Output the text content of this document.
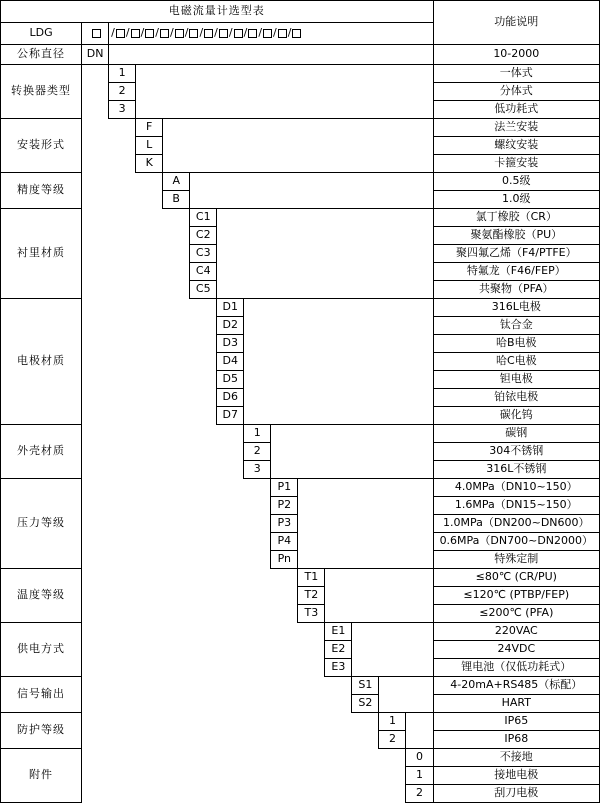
电磁流量计选型表														功能说明
LDG		/ / / / / / / / / / / / /

公称直径	DN													10-2000
转换器类型		1												一体式
		2												分体式
		3												低功耗式
安装形式			F											法兰安装
			L											螺纹安装
			K											卡箍安装
精度等级				A										0.5级
				B										1.0级
衬里材质					C1									氯丁橡胶（CR）
					C2									聚氨酯橡胶（PU）
					C3									聚四氟乙烯（F4/PTFE）
					C4									特氟龙（F46/FEP）
					C5									共聚物（PFA）
电极材质						D1								316L电极
						D2								钛合金
						D3								哈B电极
						D4								哈C电极
						D5								钽电极
						D6								铂铱电极
						D7								碳化钨
外壳材质							1							碳钢
							2							304不锈钢
							3							316L不锈钢
压力等级								P1						4.0MPa（DN10~150）
								P2						1.6MPa（DN15~150）
								P3						1.0MPa（DN200~DN600）
								P4						0.6MPa（DN700~DN2000）
								Pn						特殊定制
温度等级									T1					≤80℃ (CR/PU)
									T2					≤120℃ (PTBP/FEP)
									T3					≤200℃ (PFA)
供电方式										E1				220VAC
										E2				24VDC
										E3				锂电池（仅低功耗式）
信号输出											S1			4-20mA+RS485（标配）
											S2			HART
防护等级												1		IP65
												2		IP68
附件													0	不接地
													1	接地电极
													2	刮刀电极
